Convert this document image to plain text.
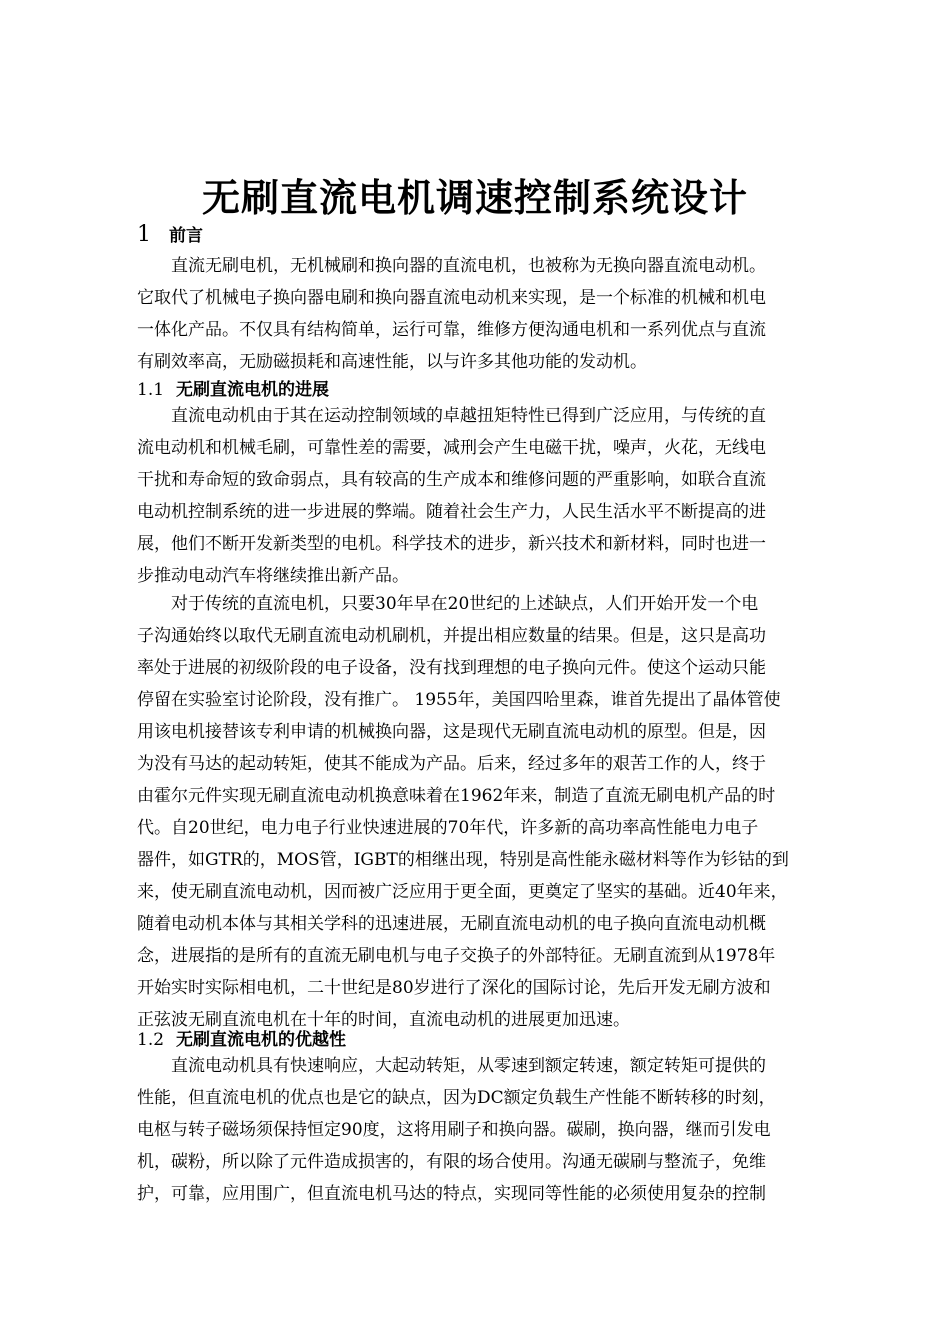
无刷直流电机调速控制系统设计
1 前言
　　直流无刷电机，无机械刷和换向器的直流电机，也被称为无换向器直流电动机。
它取代了机械电子换向器电刷和换向器直流电动机来实现，是一个标准的机械和机电
一体化产品。不仅具有结构简单，运行可靠，维修方便沟通电机和一系列优点与直流
有刷效率高，无励磁损耗和高速性能，以与许多其他功能的发动机。
1.1 无刷直流电机的进展
　　直流电动机由于其在运动控制领域的卓越扭矩特性已得到广泛应用，与传统的直
流电动机和机械毛刷，可靠性差的需要，减刑会产生电磁干扰，噪声，火花，无线电
干扰和寿命短的致命弱点，具有较高的生产成本和维修问题的严重影响，如联合直流
电动机控制系统的进一步进展的弊端。随着社会生产力，人民生活水平不断提高的进
展，他们不断开发新类型的电机。科学技术的进步，新兴技术和新材料，同时也进一
步推动电动汽车将继续推出新产品。
　　对于传统的直流电机，只要30年早在20世纪的上述缺点，人们开始开发一个电
子沟通始终以取代无刷直流电动机刷机，并提出相应数量的结果。但是，这只是高功
率处于进展的初级阶段的电子设备，没有找到理想的电子换向元件。使这个运动只能
停留在实验室讨论阶段，没有推广。 1955年，美国四哈里森，谁首先提出了晶体管使
用该电机接替该专利申请的机械换向器，这是现代无刷直流电动机的原型。但是，因
为没有马达的起动转矩，使其不能成为产品。后来，经过多年的艰苦工作的人，终于
由霍尔元件实现无刷直流电动机换意味着在1962年来，制造了直流无刷电机产品的时
代。自20世纪，电力电子行业快速进展的70年代，许多新的高功率高性能电力电子
器件，如GTR的，MOS管，IGBT的相继出现，特别是高性能永磁材料等作为钐钴的到
来，使无刷直流电动机，因而被广泛应用于更全面，更奠定了坚实的基础。近40年来，
随着电动机本体与其相关学科的迅速进展，无刷直流电动机的电子换向直流电动机概
念，进展指的是所有的直流无刷电机与电子交换子的外部特征。无刷直流到从1978年
开始实时实际相电机，二十世纪是80岁进行了深化的国际讨论，先后开发无刷方波和
正弦波无刷直流电机在十年的时间，直流电动机的进展更加迅速。
1.2 无刷直流电机的优越性
　　直流电动机具有快速响应，大起动转矩，从零速到额定转速，额定转矩可提供的
性能，但直流电机的优点也是它的缺点，因为DC额定负载生产性能不断转移的时刻，
电枢与转子磁场须保持恒定90度，这将用刷子和换向器。碳刷，换向器，继而引发电
机，碳粉，所以除了元件造成损害的，有限的场合使用。沟通无碳刷与整流子，免维
护，可靠，应用围广，但直流电机马达的特点，实现同等性能的必须使用复杂的控制
